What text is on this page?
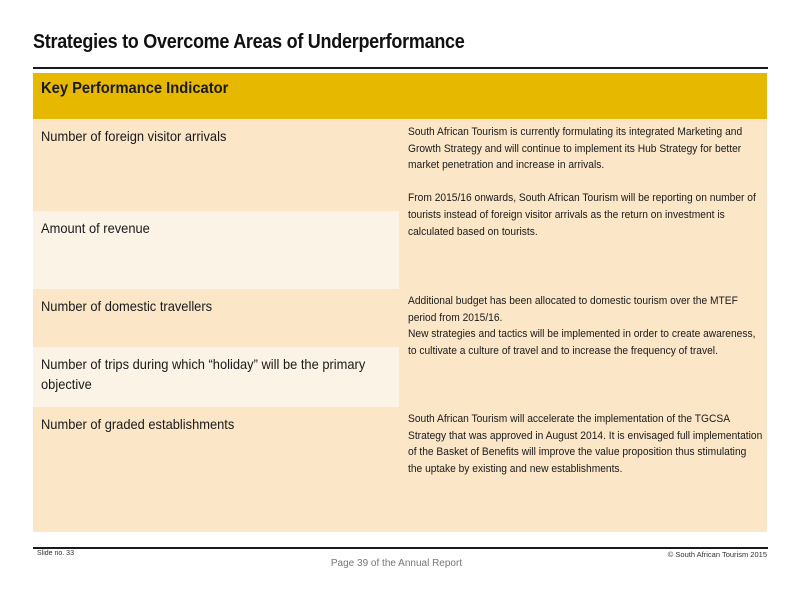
Strategies to Overcome Areas of Underperformance
Key Performance Indicator
Number of foreign visitor arrivals
Amount of revenue
Number of domestic travellers
Number of trips during which “holiday” will be the primary objective
Number of graded establishments
South African Tourism is currently formulating its integrated Marketing and Growth Strategy and will continue to implement its Hub Strategy for better market penetration and increase in arrivals.

From 2015/16 onwards, South African Tourism will be reporting on number of tourists instead of foreign visitor arrivals as the return on investment is calculated based on tourists.
Additional budget has been allocated to domestic tourism over the MTEF period from 2015/16.
New strategies and tactics will be implemented in order to create awareness, to cultivate a culture of travel and to increase the frequency of travel.
South African Tourism will accelerate the implementation of the TGCSA Strategy that was approved in August 2014. It is envisaged full implementation of the Basket of Benefits will improve the value proposition thus stimulating the uptake by existing and new establishments.
Slide no. 33	© South African Tourism 2015
Page 39 of the Annual Report
